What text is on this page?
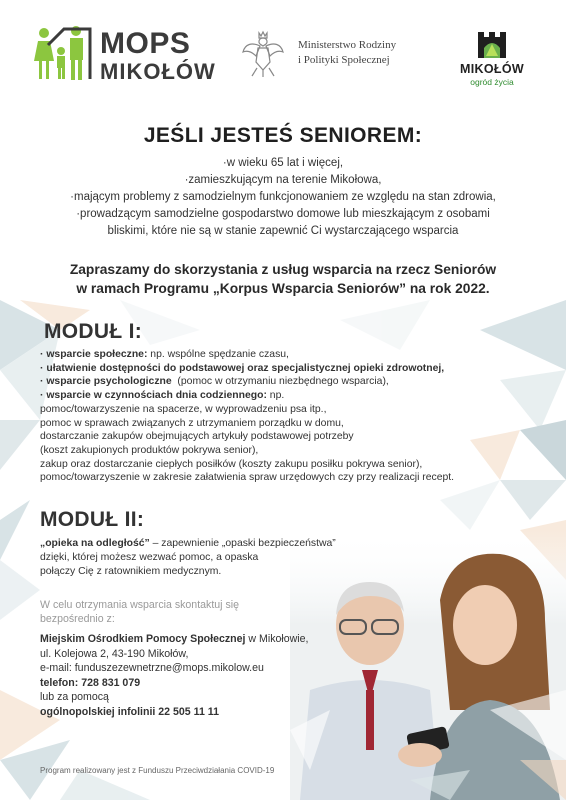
MOPS
MIKOŁÓW
Ministerstwo Rodziny
i Polityki Społecznej
MIKOŁÓW
ogród życia
JEŚLI JESTEŚ SENIOREM:
·w wieku 65 lat i więcej,
·zamieszkującym na terenie Mikołowa,
·mającym problemy z samodzielnym funkcjonowaniem ze względu na stan zdrowia,
·prowadzącym samodzielne gospodarstwo domowe lub mieszkającym z osobami
bliskimi, które nie są w stanie zapewnić Ci wystarczającego wsparcia
Zapraszamy do skorzystania z usług wsparcia na rzecz Seniorów
w ramach Programu „Korpus Wsparcia Seniorów” na rok 2022.
MODUŁ I:
· wsparcie społeczne: np. wspólne spędzanie czasu,
· ułatwienie dostępności do podstawowej oraz specjalistycznej opieki zdrowotnej,
· wsparcie psychologiczne  (pomoc w otrzymaniu niezbędnego wsparcia),
· wsparcie w czynnościach dnia codziennego: np.
pomoc/towarzyszenie na spacerze, w wyprowadzeniu psa itp.,
pomoc w sprawach związanych z utrzymaniem porządku w domu,
dostarczanie zakupów obejmujących artykuły podstawowej potrzeby
(koszt zakupionych produktów pokrywa senior),
zakup oraz dostarczanie ciepłych posiłków (koszty zakupu posiłku pokrywa senior),
pomoc/towarzyszenie w zakresie załatwienia spraw urzędowych czy przy realizacji recept.
MODUŁ II:
„opieka na odległość” – zapewnienie „opaski bezpieczeństwa”
dzięki, której możesz wezwać pomoc, a opaska
połączy Cię z ratownikiem medycznym.
W celu otrzymania wsparcia skontaktuj się
bezpośrednio z:
Miejskim Ośrodkiem Pomocy Społecznej w Mikołowie,
ul. Kolejowa 2, 43-190 Mikołów,
e-mail: funduszezewnetrzne@mops.mikolow.eu
telefon: 728 831 079
lub za pomocą
ogólnopolskiej infolinii 22 505 11 11
Program realizowany jest z Funduszu Przeciwdziałania COVID-19
